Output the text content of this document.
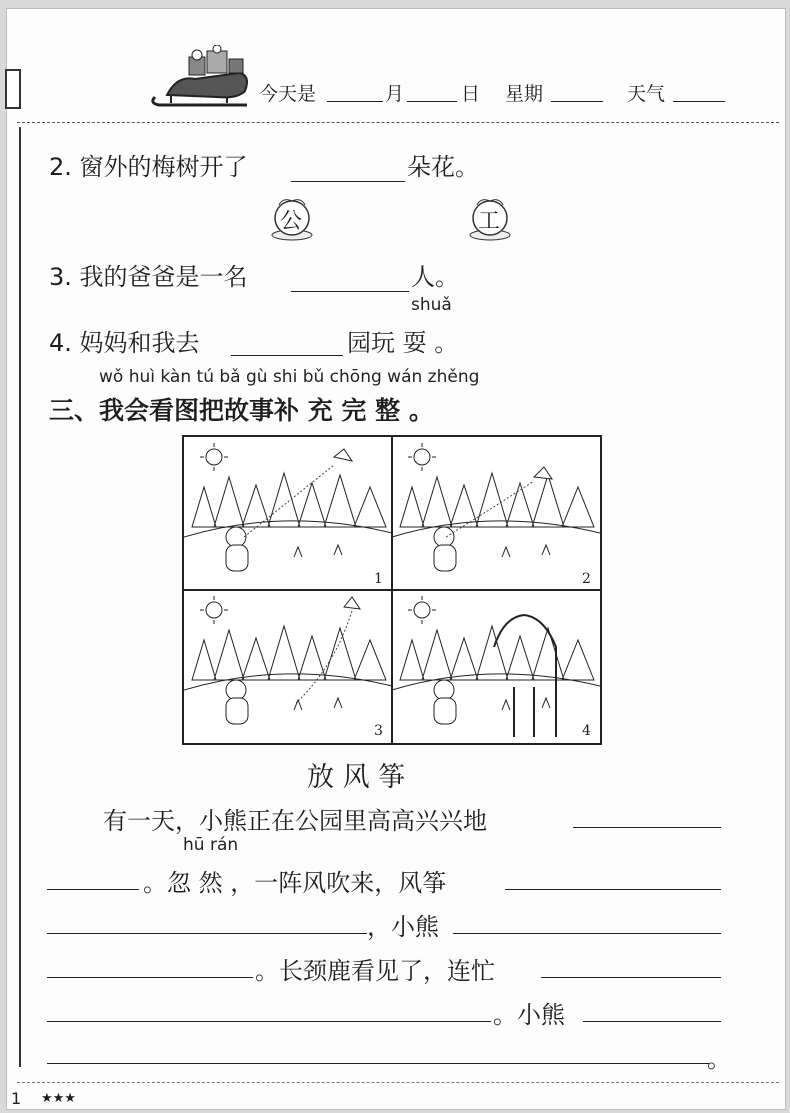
今天是	月	日 星期	天气
2. 窗外的梅树开了	朵花。
公	工
3. 我的爸爸是一名	人。
shuǎ
4. 妈妈和我去	园玩 耍 。
wǒ huì kàn tú bǎ gù shi bǔ chōng wán zhěng
三、我会看图把故事补 充 完 整 。
1	2
3	4
放 风 筝
有一天，小熊正在公园里高高兴兴地
hū rán
。忽 然 ，一阵风吹来，风筝
，小熊
。长颈鹿看见了，连忙
。小熊
。
1 ★★★
